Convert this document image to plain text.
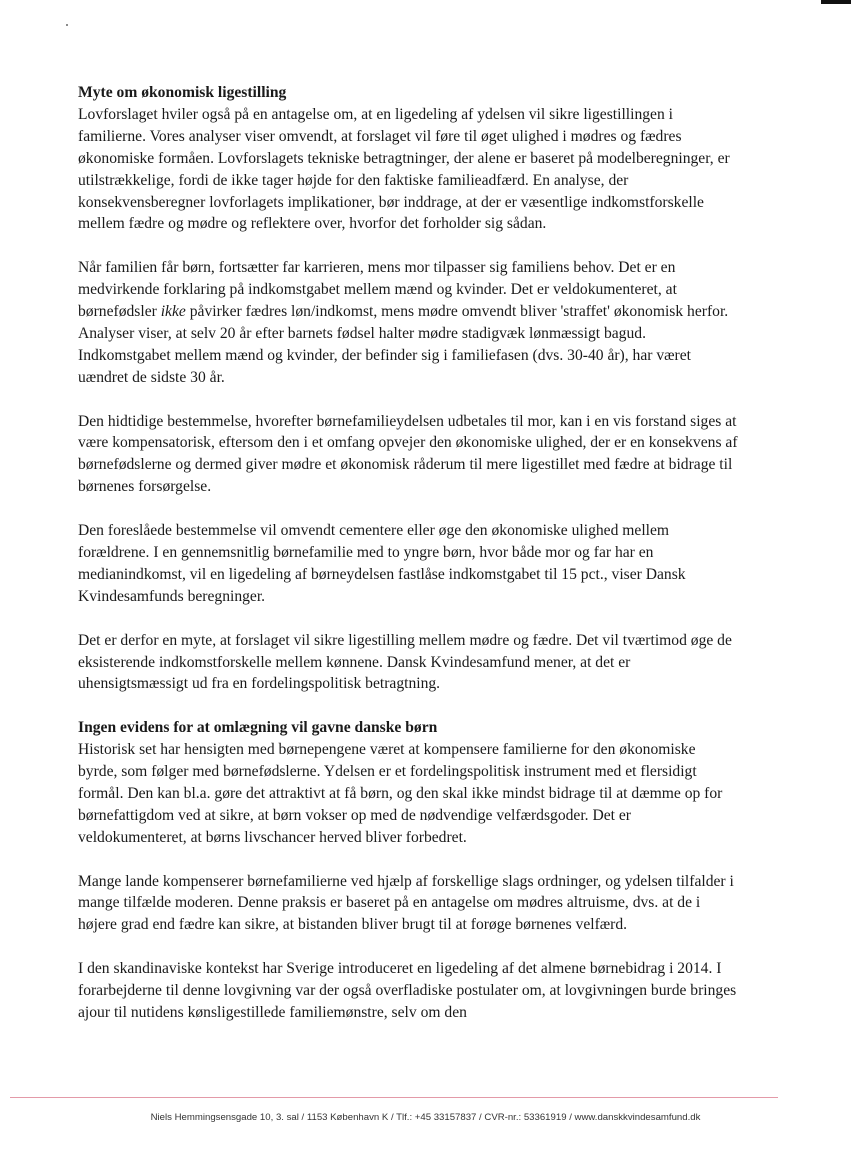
Myte om økonomisk ligestilling

Lovforslaget hviler også på en antagelse om, at en ligedeling af ydelsen vil sikre ligestillingen i familierne. Vores analyser viser omvendt, at forslaget vil føre til øget ulighed i mødres og fædres økonomiske formåen. Lovforslagets tekniske betragtninger, der alene er baseret på modelberegninger, er utilstrækkelige, fordi de ikke tager højde for den faktiske familieadfærd. En analyse, der konsekvensberegner lovforlagets implikationer, bør inddrage, at der er væsentlige indkomstforskelle mellem fædre og mødre og reflektere over, hvorfor det forholder sig sådan.

Når familien får børn, fortsætter far karrieren, mens mor tilpasser sig familiens behov. Det er en medvirkende forklaring på indkomstgabet mellem mænd og kvinder. Det er veldokumenteret, at børnefødsler ikke påvirker fædres løn/indkomst, mens mødre omvendt bliver 'straffet' økonomisk herfor. Analyser viser, at selv 20 år efter barnets fødsel halter mødre stadigvæk lønmæssigt bagud. Indkomstgabet mellem mænd og kvinder, der befinder sig i familiefasen (dvs. 30-40 år), har været uændret de sidste 30 år.

Den hidtidige bestemmelse, hvorefter børnefamilieydelsen udbetales til mor, kan i en vis forstand siges at være kompensatorisk, eftersom den i et omfang opvejer den økonomiske ulighed, der er en konsekvens af børnefødslerne og dermed giver mødre et økonomisk råderum til mere ligestillet med fædre at bidrage til børnenes forsørgelse.

Den foreslåede bestemmelse vil omvendt cementere eller øge den økonomiske ulighed mellem forældrene. I en gennemsnitlig børnefamilie med to yngre børn, hvor både mor og far har en medianindkomst, vil en ligedeling af børneydelsen fastlåse indkomstgabet til 15 pct., viser Dansk Kvindesamfunds beregninger.

Det er derfor en myte, at forslaget vil sikre ligestilling mellem mødre og fædre. Det vil tværtimod øge de eksisterende indkomstforskelle mellem kønnene. Dansk Kvindesamfund mener, at det er uhensigtsmæssigt ud fra en fordelingspolitisk betragtning.

Ingen evidens for at omlægning vil gavne danske børn

Historisk set har hensigten med børnepengene været at kompensere familierne for den økonomiske byrde, som følger med børnefødslerne. Ydelsen er et fordelingspolitisk instrument med et flersidigt formål. Den kan bl.a. gøre det attraktivt at få børn, og den skal ikke mindst bidrage til at dæmme op for børnefattigdom ved at sikre, at børn vokser op med de nødvendige velfærdsgoder. Det er veldokumenteret, at børns livschancer herved bliver forbedret.

Mange lande kompenserer børnefamilierne ved hjælp af forskellige slags ordninger, og ydelsen tilfalder i mange tilfælde moderen. Denne praksis er baseret på en antagelse om mødres altruisme, dvs. at de i højere grad end fædre kan sikre, at bistanden bliver brugt til at forøge børnenes velfærd.

I den skandinaviske kontekst har Sverige introduceret en ligedeling af det almene børnebidrag i 2014. I forarbejderne til denne lovgivning var der også overfladiske postulater om, at lovgivningen burde bringes ajour til nutidens kønsligestillede familiemønstre, selv om den

Niels Hemmingsensgade 10, 3. sal / 1153 København K / Tlf.: +45 33157837 / CVR-nr.: 53361919 / www.danskkvindesamfund.dk
